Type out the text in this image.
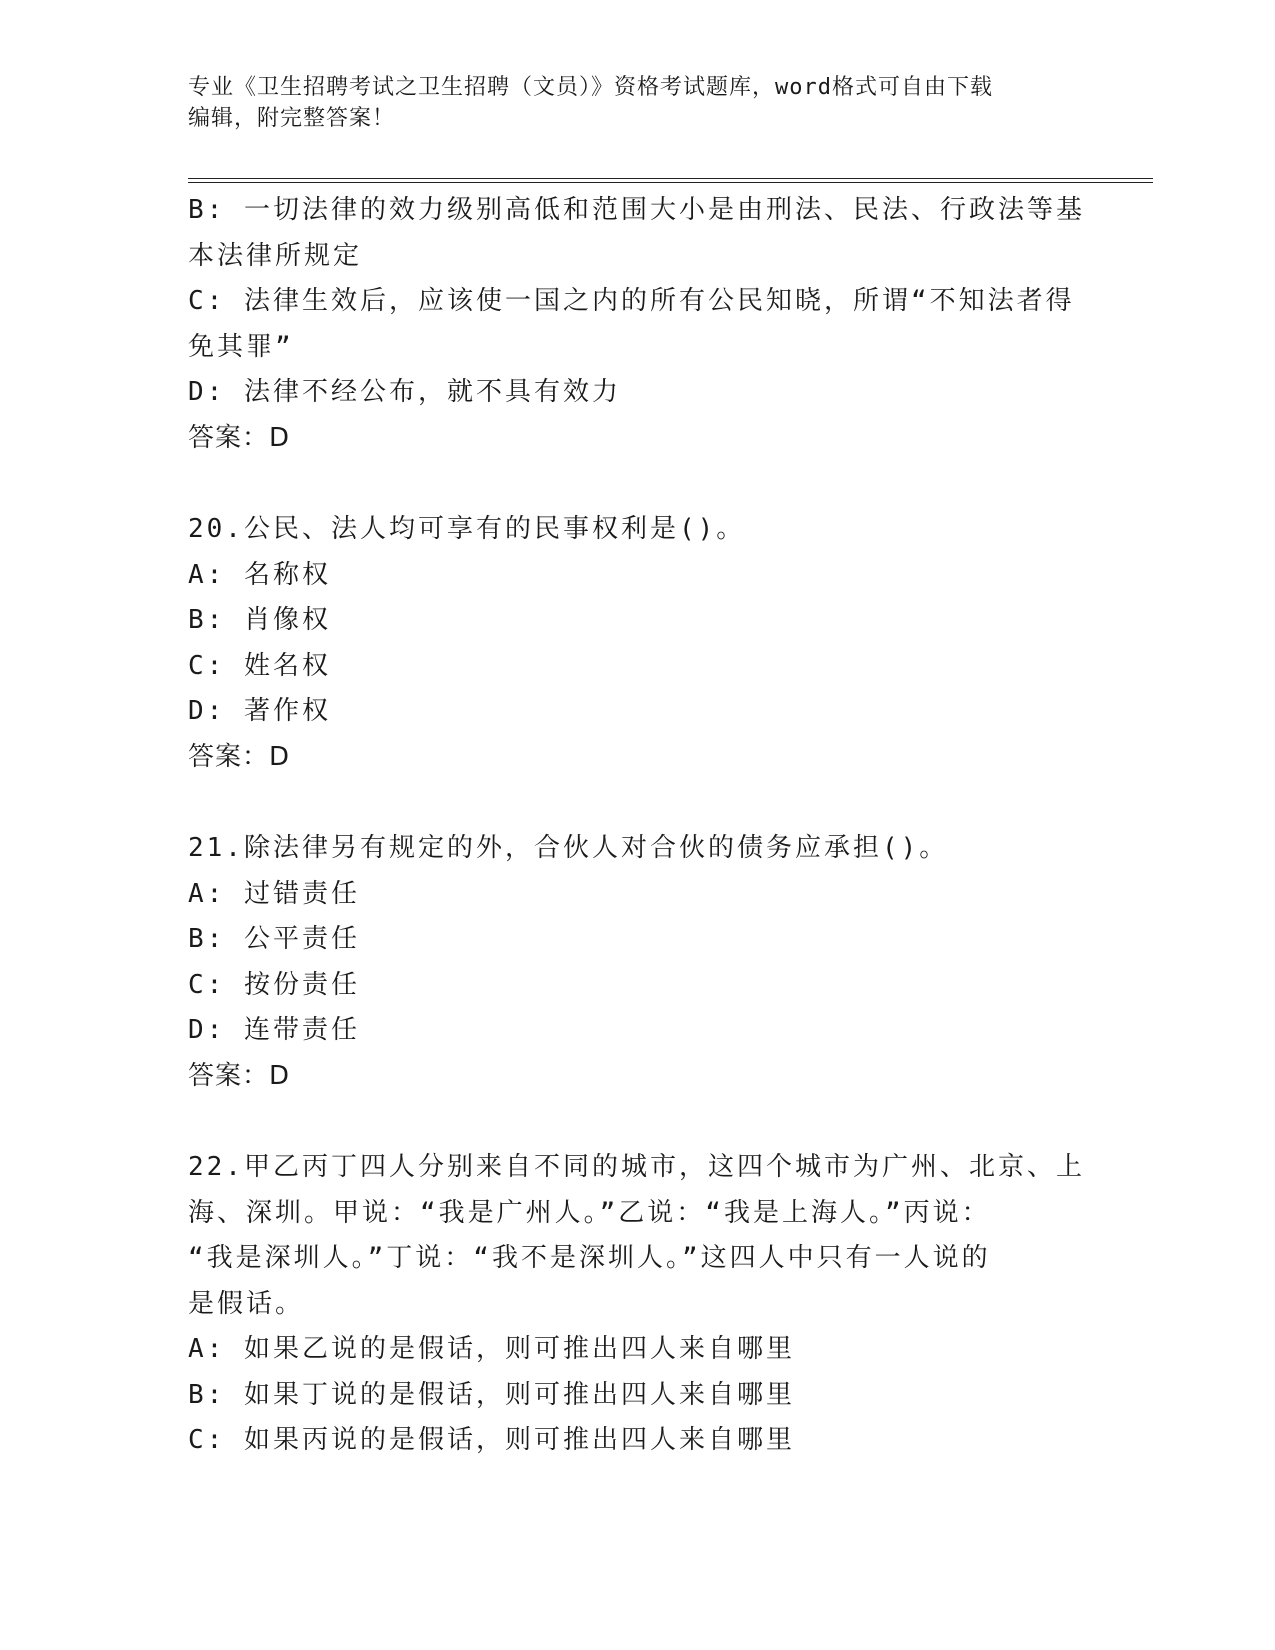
专业《卫生招聘考试之卫生招聘（文员）》资格考试题库，word格式可自由下载
编辑，附完整答案！
B: 一切法律的效力级别高低和范围大小是由刑法、民法、行政法等基
本法律所规定
C: 法律生效后，应该使一国之内的所有公民知晓，所谓“不知法者得
免其罪”
D: 法律不经公布，就不具有效力
答案：D
20.公民、法人均可享有的民事权利是()。
A: 名称权
B: 肖像权
C: 姓名权
D: 著作权
答案：D
21.除法律另有规定的外，合伙人对合伙的债务应承担()。
A: 过错责任
B: 公平责任
C: 按份责任
D: 连带责任
答案：D
22.甲乙丙丁四人分别来自不同的城市，这四个城市为广州、北京、上
海、深圳。甲说：“我是广州人。”乙说：“我是上海人。”丙说：
“我是深圳人。”丁说：“我不是深圳人。”这四人中只有一人说的
是假话。
A: 如果乙说的是假话，则可推出四人来自哪里
B: 如果丁说的是假话，则可推出四人来自哪里
C: 如果丙说的是假话，则可推出四人来自哪里
